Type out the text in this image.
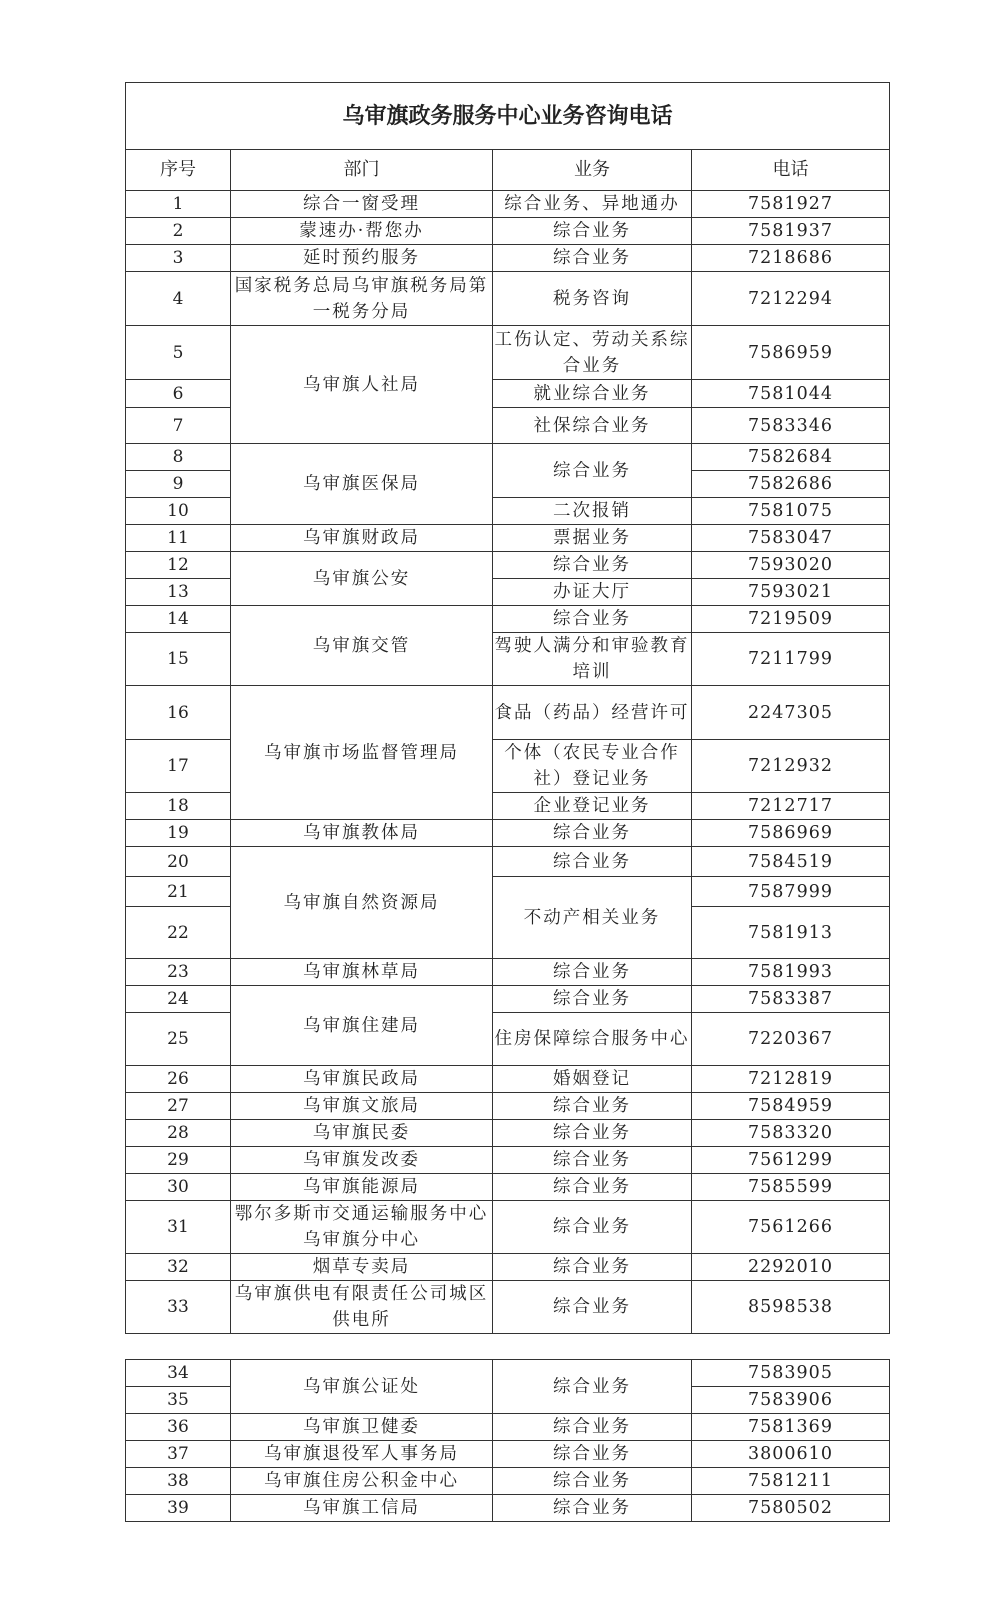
乌审旗政务服务中心业务咨询电话			
序号	部门	业务	电话
1	综合一窗受理	综合业务、异地通办	7581927
2	蒙速办·帮您办	综合业务	7581937
3	延时预约服务	综合业务	7218686
4	国家税务总局乌审旗税务局第一税务分局	税务咨询	7212294
5	乌审旗人社局	工伤认定、劳动关系综合业务	7586959
6		就业综合业务	7581044
7		社保综合业务	7583346
8	乌审旗医保局	综合业务	7582684
9			7582686
10		二次报销	7581075
11	乌审旗财政局	票据业务	7583047
12	乌审旗公安	综合业务	7593020
13		办证大厅	7593021
14	乌审旗交管	综合业务	7219509
15		驾驶人满分和审验教育培训	7211799
16	乌审旗市场监督管理局	食品（药品）经营许可	2247305
17		个体（农民专业合作社）登记业务	7212932
18		企业登记业务	7212717
19	乌审旗教体局	综合业务	7586969
20	乌审旗自然资源局	综合业务	7584519
21		不动产相关业务	7587999
22			7581913
23	乌审旗林草局	综合业务	7581993
24	乌审旗住建局	综合业务	7583387
25		住房保障综合服务中心	7220367
26	乌审旗民政局	婚姻登记	7212819
27	乌审旗文旅局	综合业务	7584959
28	乌审旗民委	综合业务	7583320
29	乌审旗发改委	综合业务	7561299
30	乌审旗能源局	综合业务	7585599
31	鄂尔多斯市交通运输服务中心乌审旗分中心	综合业务	7561266
32	烟草专卖局	综合业务	2292010
33	乌审旗供电有限责任公司城区供电所	综合业务	8598538
34	乌审旗公证处	综合业务	7583905
35			7583906
36	乌审旗卫健委	综合业务	7581369
37	乌审旗退役军人事务局	综合业务	3800610
38	乌审旗住房公积金中心	综合业务	7581211
39	乌审旗工信局	综合业务	7580502
